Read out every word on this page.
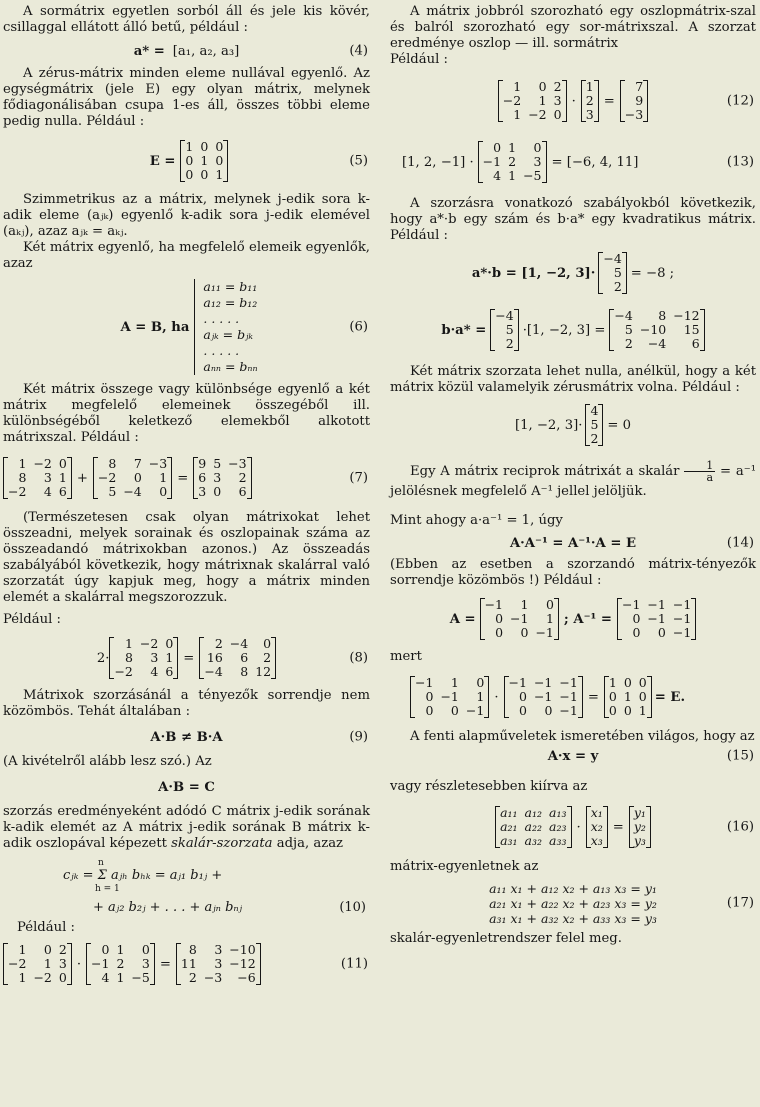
A sormátrix egyetlen sorból áll és jele kis kövér, csillaggal ellátott álló betű, például :

a* = [a₁, a₂, a₃]	(4)

A zérus-mátrix minden eleme nullával egyenlő. Az egységmátrix (jele E) egy olyan mátrix, melynek fődiagonálisában csupa 1-es áll, összes többi eleme pedig nulla. Például :

E =
1 0 0
0 1 0
0 0 1
(5)

Szimmetrikus az a mátrix, melynek j-edik sora k-adik eleme (aⱼₖ) egyenlő k-adik sora j-edik elemével (aₖⱼ), azaz aⱼₖ = aₖⱼ.

Két mátrix egyenlő, ha megfelelő elemeik egyenlők, azaz

A = B, ha
a₁₁ = b₁₁
a₁₂ = b₁₂
. . . . .
aⱼₖ = bⱼₖ
. . . . .
aₙₙ = bₙₙ
(6)

Két mátrix összege vagy különbsége egyenlő a két mátrix megfelelő elemeinek összegéből ill. különbségéből keletkező elemekből alkotott mátrixszal. Például :

1 −2 0
8 3 1
−2 4 6
+
8 7 −3
−2 0 1
5 −4 0
=
9 5 −3
6 3 2
3 0 6
(7)

(Természetesen csak olyan mátrixokat lehet összeadni, melyek sorainak és oszlopainak száma az összeadandó mátrixokban azonos.) Az összeadás szabályából következik, hogy mátrixnak skalárral való szorzatát úgy kapjuk meg, hogy a mátrix minden elemét a skalárral megszorozzuk.

Például :

2·
1 −2 0
8 3 1
−2 4 6
=
2 −4 0
16 6 2
−4 8 12
(8)

Mátrixok szorzásánál a tényezők sorrendje nem közömbös. Tehát általában :

A·B ≠ B·A	(9)

(A kivételről alább lesz szó.) Az

A·B = C

szorzás eredményeként adódó C mátrix j-edik sorának k-adik elemét az A mátrix j-edik sorának B mátrix k-adik oszlopával képezett skalár-szorzata adja, azaz

n
h = 1
cⱼₖ = Σ aⱼₕ bₕₖ = aⱼ₁ b₁ⱼ +
+ aⱼ₂ b₂ⱼ + . . . + aⱼₙ bₙⱼ	(10)

Például :

1 0 2
−2 1 3
1 −2 0
·
0 1 0
−1 2 3
4 1 −5
=
8 3 −10
11 3 −12
2 −3 −6
(11)

A mátrix jobbról szorozható egy oszlopmátrix-szal és balról szorozható egy sor-mátrixszal. A szorzat eredménye oszlop — ill. sormátrix

Például :

1 0 2
−2 1 3
1 −2 0
·
1
2
3
=
7
9
−3
(12)
[1, 2, −1] ·
0 1 0
−1 2 3
4 1 −5
= [−6, 4, 11]	(13)

A szorzásra vonatkozó szabályokból következik, hogy a*·b egy szám és b·a* egy kvadratikus mátrix. Például :

a*·b = [1, −2, 3]·
−4
5
2
= −8 ;
b·a* =
−4
5
2
·[1, −2, 3] =
−4 8 −12
5 −10 15
2 −4 6

Két mátrix szorzata lehet nulla, anélkül, hogy a két mátrix közül valamelyik zérusmátrix volna. Például :

[1, −2, 3]·
4
5
2
= 0

Egy A mátrix reciprok mátrixát a skalár $\frac{1}{a} = a^{-1}$ jelölésnek megfelelő A⁻¹ jellel jelöljük.

Mint ahogy a·a⁻¹ = 1, úgy

A·A⁻¹ = A⁻¹·A = E	(14)

(Ebben az esetben a szorzandó mátrix-tényezők sorrendje közömbös !) Például :

A =
−1 1 0
0 −1 1
0 0 −1
; A⁻¹ =
−1 −1 −1
0 −1 −1
0 0 −1

mert

−1 1 0
0 −1 1
0 0 −1
·
−1 −1 −1
0 −1 −1
0 0 −1
=
1 0 0
0 1 0
0 0 1
= E.

A fenti alapműveletek ismeretében világos, hogy az

A·x = y	(15)

vagy részletesebben kiírva az

a₁₁ a₁₂ a₁₃
a₂₁ a₂₂ a₂₃
a₃₁ a₃₂ a₃₃
·
x₁
x₂
x₃
=
y₁
y₂
y₃
(16)

mátrix-egyenletnek az

a₁₁ x₁ + a₁₂ x₂ + a₁₃ x₃ = y₁
a₂₁ x₁ + a₂₂ x₂ + a₂₃ x₃ = y₂
a₃₁ x₁ + a₃₂ x₂ + a₃₃ x₃ = y₃
(17)

skalár-egyenletrendszer felel meg.
